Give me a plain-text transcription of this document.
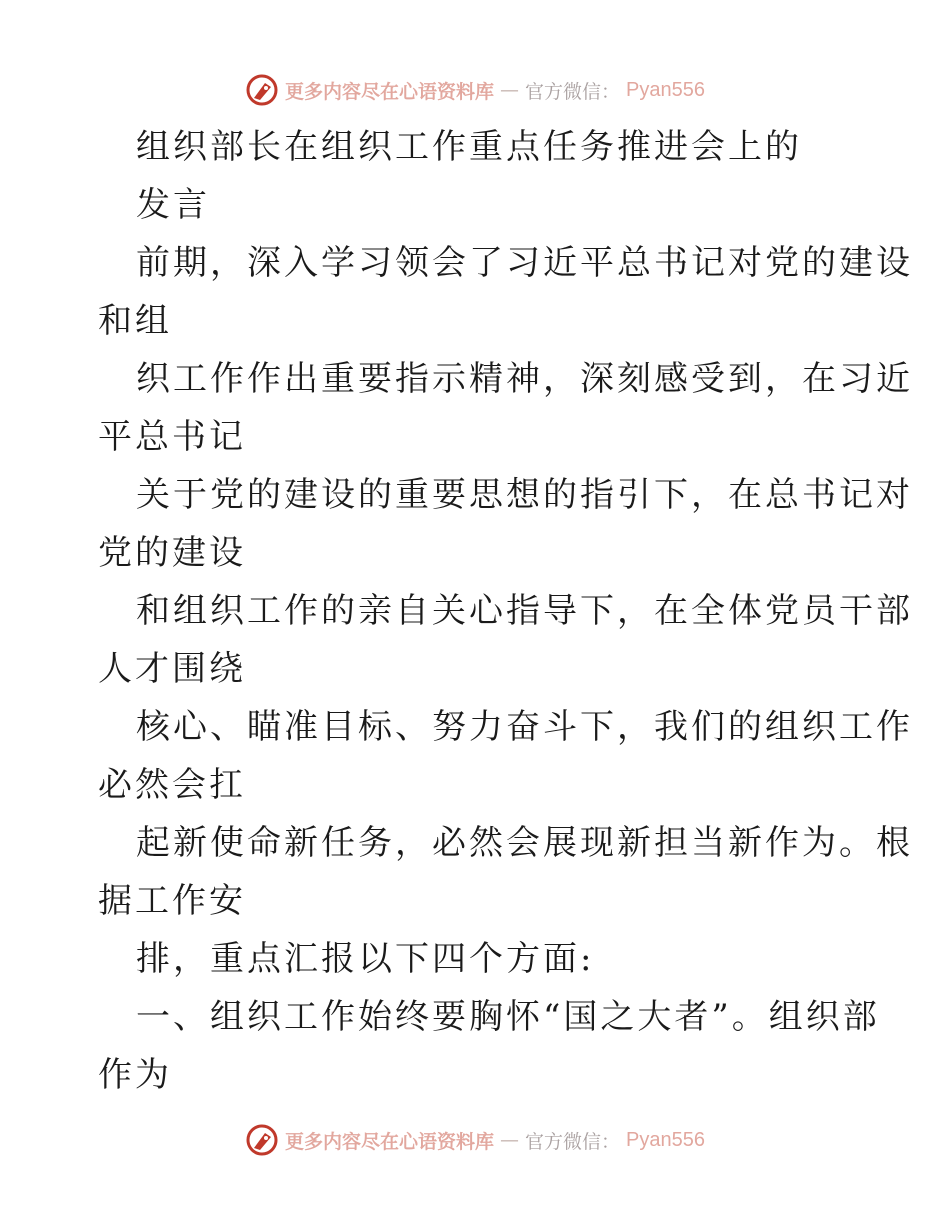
更多内容尽在心语资料库 — 官方微信： Pyan556
组织部长在组织工作重点任务推进会上的
发言
前期，深入学习领会了习近平总书记对党的建设
和组
织工作作出重要指示精神，深刻感受到，在习近
平总书记
关于党的建设的重要思想的指引下，在总书记对
党的建设
和组织工作的亲自关心指导下，在全体党员干部
人才围绕
核心、瞄准目标、努力奋斗下，我们的组织工作
必然会扛
起新使命新任务，必然会展现新担当新作为。根
据工作安
排，重点汇报以下四个方面:
一、组织工作始终要胸怀“国之大者”。组织部
作为
更多内容尽在心语资料库 — 官方微信： Pyan556
